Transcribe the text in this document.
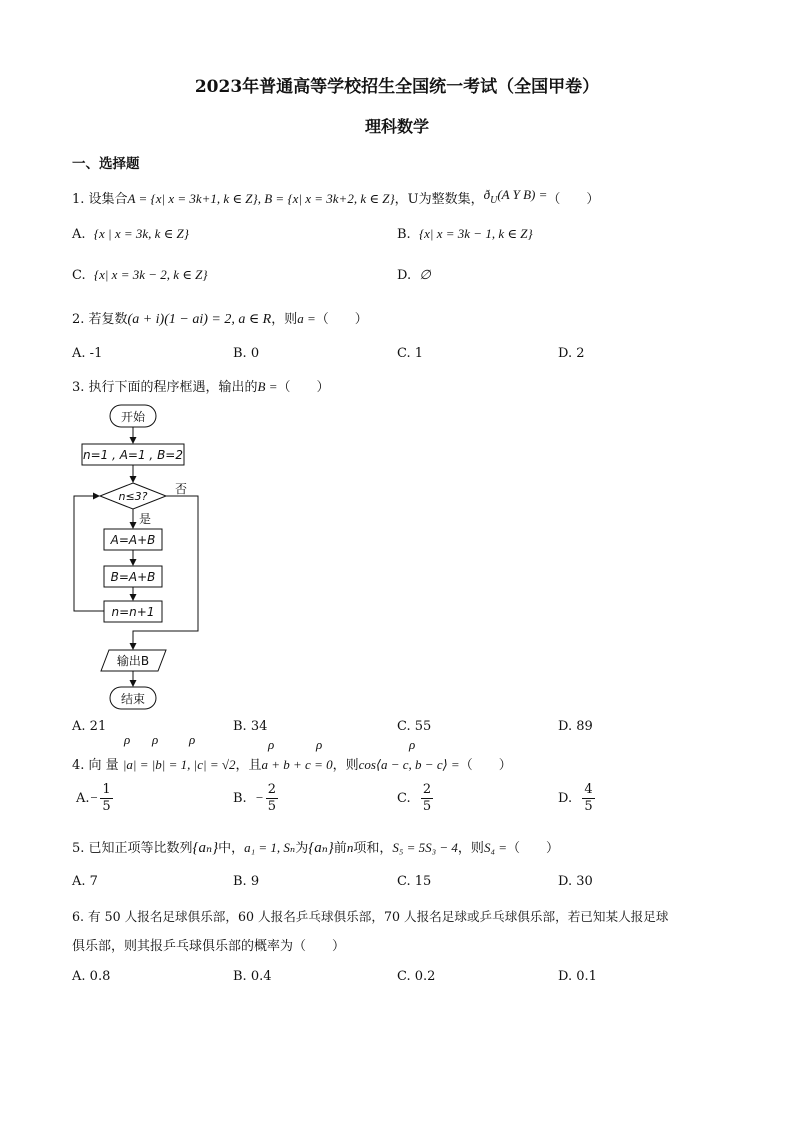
2023年普通高等学校招生全国统一考试（全国甲卷）
理科数学
一、选择题
1. 设集合A = {x| x = 3k+1, k ∈ Z}, B = {x| x = 3k+2, k ∈ Z}，U为整数集，ðU(A Y B) =（　　）
A. {x | x = 3k, k ∈ Z}	B. {x| x = 3k − 1, k ∈ Z}
C. {x| x = 3k − 2, k ∈ Z}	D. ∅
2. 若复数(a + i)(1 − ai) = 2, a ∈ R，则a =（　　）
A. -1	B. 0	C. 1	D. 2
3. 执行下面的程序框遇，输出的B =（　　）
开始
n=1 , A=1 , B=2
n≤3?
否
是
A=A+B
B=A+B
n=n+1
输出B
结束
A. 21	B. 34	C. 55	D. 89
ρ ρ ρ	ρ	ρ	ρ
4. 向 量 |a| = |b| = 1, |c| = √2，且a + b + c = 0，则cos⟨a − c, b − c⟩ =（　　）
$A.- \frac{1}{5}$	B. − $\frac{2}{5}$	C. $\frac{2}{5}$	D. $\frac{4}{5}$
5. 已知正项等比数列{aₙ}中，a₁ = 1, Sₙ为{aₙ}前n项和，S₅ = 5S₃ − 4，则S₄ =（　　）
A. 7	B. 9	C. 15	D. 30
6. 有 50 人报名足球俱乐部，60 人报名乒乓球俱乐部，70 人报名足球或乒乓球俱乐部，若已知某人报足球
俱乐部，则其报乒乓球俱乐部的概率为（　　）
A. 0.8	B. 0.4	C. 0.2	D. 0.1
